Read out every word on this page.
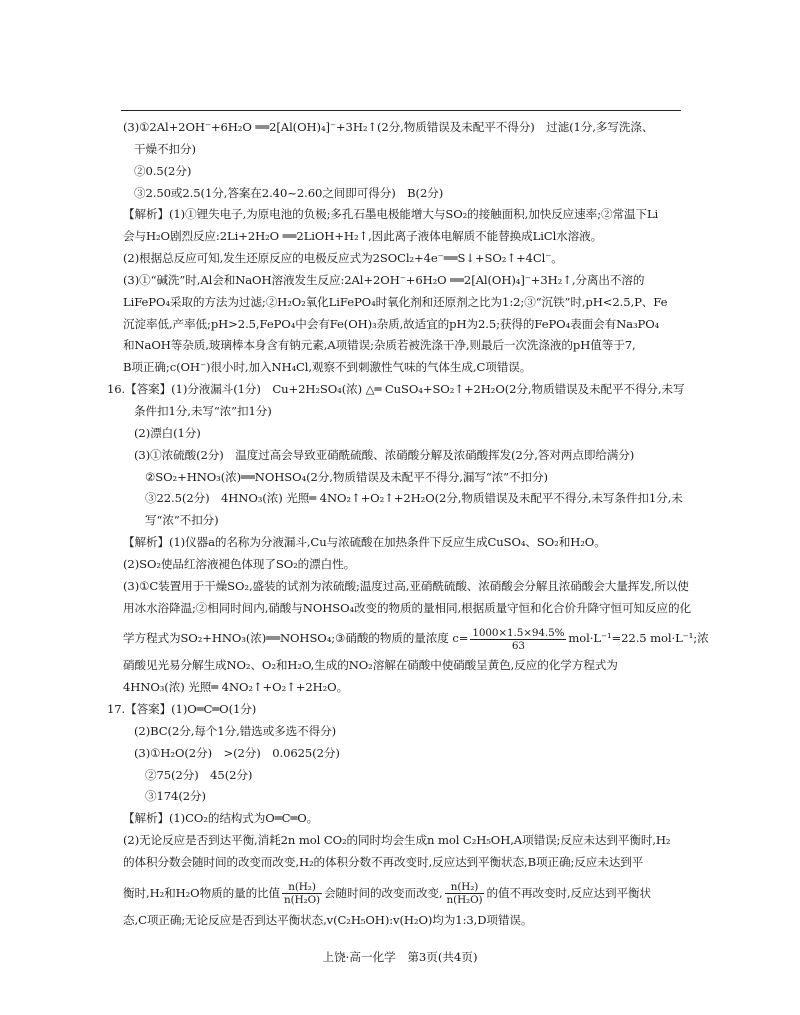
(3)①2Al+2OH⁻+6H₂O ══2[Al(OH)₄]⁻+3H₂↑(2分,物质错误及未配平不得分)　过滤(1分,多写洗涤、
干燥不扣分)
②0.5(2分)
③2.50或2.5(1分,答案在2.40~2.60之间即可得分)　B(2分)
【解析】(1)①锂失电子,为原电池的负极;多孔石墨电极能增大与SO₂的接触面积,加快反应速率;②常温下Li
会与H₂O剧烈反应:2Li+2H₂O ══2LiOH+H₂↑,因此离子液体电解质不能替换成LiCl水溶液。
(2)根据总反应可知,发生还原反应的电极反应式为2SOCl₂+4e⁻══S↓+SO₂↑+4Cl⁻。
(3)①“碱洗”时,Al会和NaOH溶液发生反应:2Al+2OH⁻+6H₂O ══2[Al(OH)₄]⁻+3H₂↑,分离出不溶的
LiFePO₄采取的方法为过滤;②H₂O₂氧化LiFePO₄时氧化剂和还原剂之比为1:2;③“沉铁”时,pH<2.5,P、Fe
沉淀率低,产率低;pH>2.5,FePO₄中会有Fe(OH)₃杂质,故适宜的pH为2.5;获得的FePO₄表面会有Na₃PO₄
和NaOH等杂质,玻璃棒本身含有钠元素,A项错误;杂质若被洗涤干净,则最后一次洗涤液的pH值等于7,
B项正确;c(OH⁻)很小时,加入NH₄Cl,观察不到刺激性气味的气体生成,C项错误。
16.【答案】(1)分液漏斗(1分)　Cu+2H₂SO₄(浓) △═ CuSO₄+SO₂↑+2H₂O(2分,物质错误及未配平不得分,未写
条件扣1分,未写“浓”扣1分)
(2)漂白(1分)
(3)①浓硫酸(2分)　温度过高会导致亚硝酰硫酸、浓硝酸分解及浓硝酸挥发(2分,答对两点即给满分)
②SO₂+HNO₃(浓)══NOHSO₄(2分,物质错误及未配平不得分,漏写“浓”不扣分)
③22.5(2分)　4HNO₃(浓) 光照═ 4NO₂↑+O₂↑+2H₂O(2分,物质错误及未配平不得分,未写条件扣1分,未
写“浓”不扣分)
【解析】(1)仪器a的名称为分液漏斗,Cu与浓硫酸在加热条件下反应生成CuSO₄、SO₂和H₂O。
(2)SO₂使品红溶液褪色体现了SO₂的漂白性。
(3)①C装置用于干燥SO₂,盛装的试剂为浓硫酸;温度过高,亚硝酰硫酸、浓硝酸会分解且浓硝酸会大量挥发,所以使
用冰水浴降温;②相同时间内,硝酸与NOHSO₄改变的物质的量相同,根据质量守恒和化合价升降守恒可知反应的化
学方程式为SO₂+HNO₃(浓)══NOHSO₄;③硝酸的物质的量浓度 $c= \frac{1000\times 1.5\times 94.5\%}{63} mol\cdot L^{-1}=22.5$ mol·L⁻¹;浓
硝酸见光易分解生成NO₂、O₂和H₂O,生成的NO₂溶解在硝酸中使硝酸呈黄色,反应的化学方程式为
4HNO₃(浓) 光照═ 4NO₂↑+O₂↑+2H₂O。
17.【答案】(1)O═C═O(1分)
(2)BC(2分,每个1分,错选或多选不得分)
(3)①H₂O(2分)　>(2分)　0.0625(2分)
②75(2分)　45(2分)
③174(2分)
【解析】(1)CO₂的结构式为O═C═O。
(2)无论反应是否到达平衡,消耗2n mol CO₂的同时均会生成n mol C₂H₅OH,A项错误;反应未达到平衡时,H₂
的体积分数会随时间的改变而改变,H₂的体积分数不再改变时,反应达到平衡状态,B项正确;反应未达到平
衡时,H₂和H₂O物质的量的比值 $\frac{\text{n(H₂)}}{\text{n(H₂O)}}$ 会随时间的改变而改变, $\frac{\text{n(H₂)}}{\text{n(H₂O)}}$ 的值不再改变时,反应达到平衡状
态,C项正确;无论反应是否到达平衡状态,v(C₂H₅OH):v(H₂O)均为1:3,D项错误。
上饶·高一化学　第3页(共4页)
